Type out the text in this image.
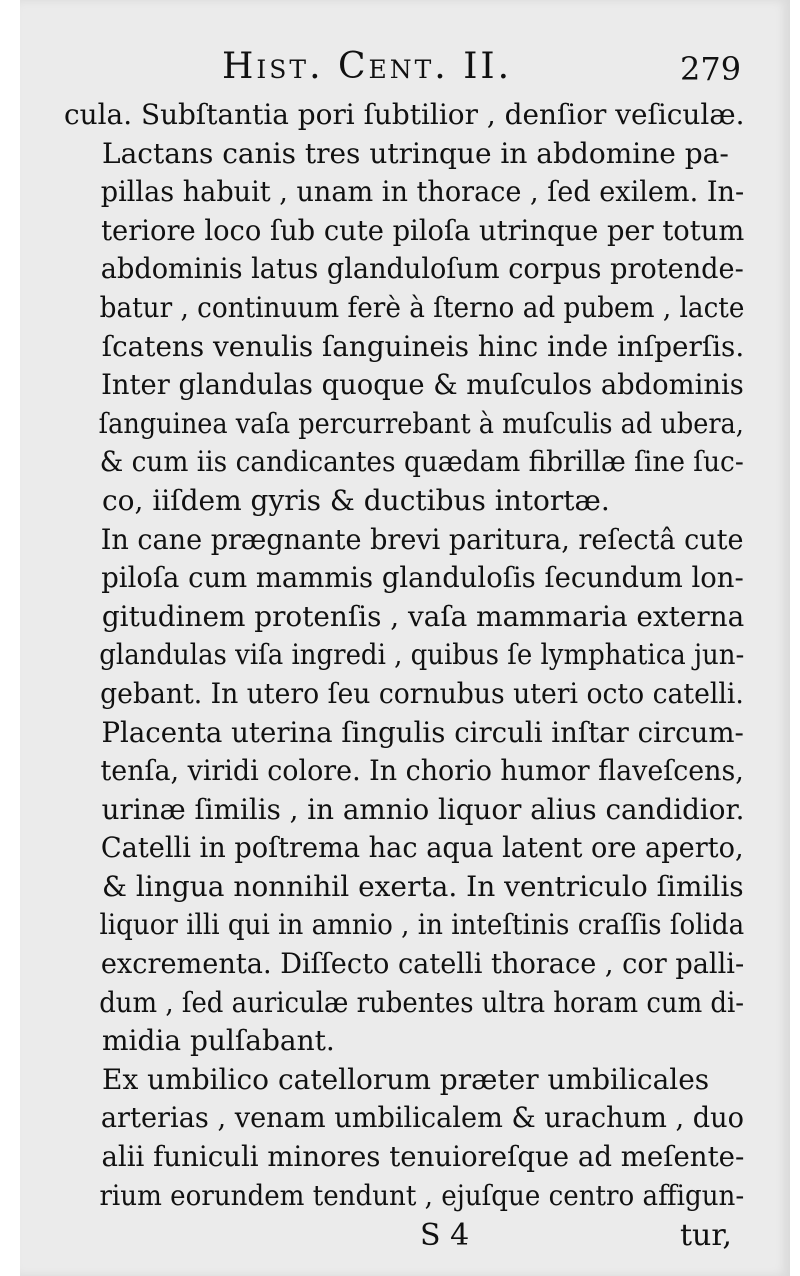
Hist. Cent. II.	279

cula. Subſtantia pori ſubtilior , denſior veſiculæ.

Lactans canis tres utrinque in abdomine pa-
pillas habuit , unam in thorace , ſed exilem. In-
teriore loco ſub cute piloſa utrinque per totum
abdominis latus glanduloſum corpus protende-
batur , continuum ferè à ſterno ad pubem , lacte
ſcatens venulis ſanguineis hinc inde inſperſis.
Inter glandulas quoque & muſculos abdominis
ſanguinea vaſa percurrebant à muſculis ad ubera,
& cum iis candicantes quædam fibrillæ ſine ſuc-
co, iiſdem gyris & ductibus intortæ.

In cane prægnante brevi paritura, reſectâ cute
piloſa cum mammis glanduloſis ſecundum lon-
gitudinem protenſis , vaſa mammaria externa
glandulas viſa ingredi , quibus ſe lymphatica jun-
gebant. In utero ſeu cornubus uteri octo catelli.
Placenta uterina ſingulis circuli inſtar circum-
tenſa, viridi colore. In chorio humor flaveſcens,
urinæ ſimilis , in amnio liquor alius candidior.
Catelli in poſtrema hac aqua latent ore aperto,
& lingua nonnihil exerta. In ventriculo ſimilis
liquor illi qui in amnio , in inteſtinis craſſis ſolida
excrementa. Diſſecto catelli thorace , cor palli-
dum , ſed auriculæ rubentes ultra horam cum di-
midia pulſabant.

Ex umbilico catellorum præter umbilicales
arterias , venam umbilicalem & urachum , duo
alii funiculi minores tenuioreſque ad meſente-
rium eorundem tendunt , ejuſque centro affigun-

S 4	tur,
